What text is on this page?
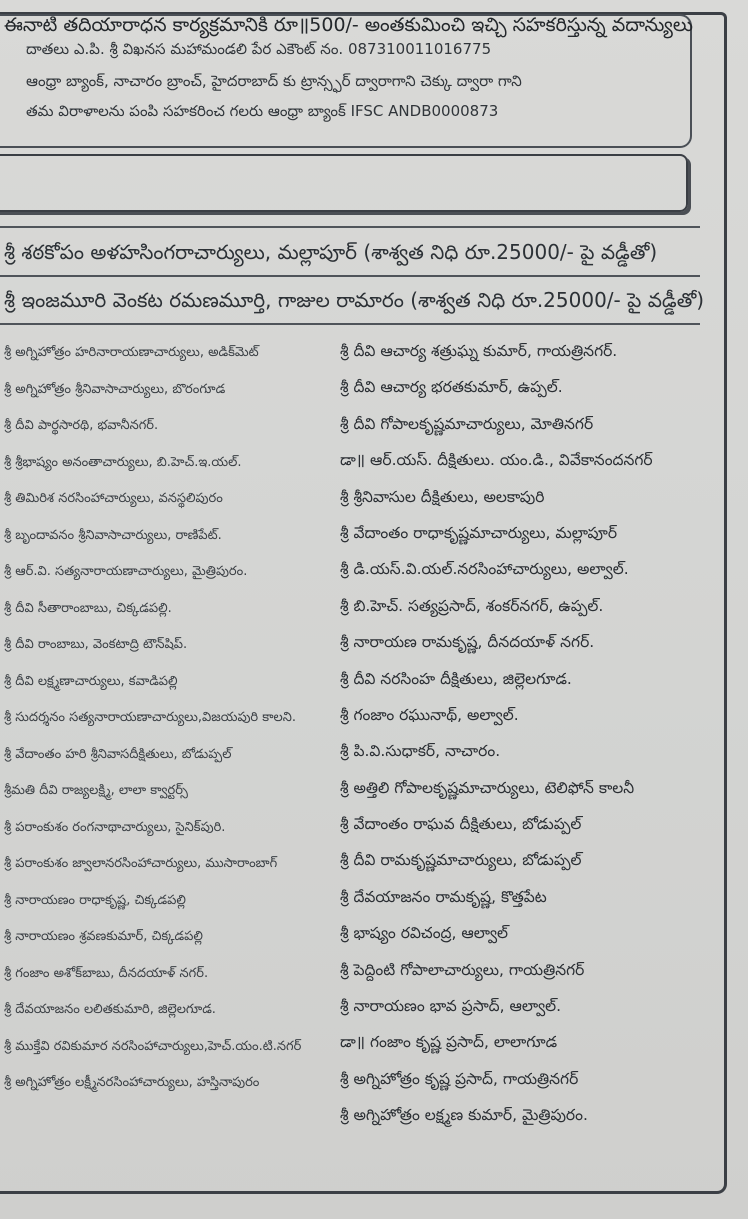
దాతలు ఎ.పి. శ్రీ విఖనస మహామండలి పేర ఎకౌంట్ నం. 08731001101677​5
ఆంధ్రా బ్యాంక్, నాచారం బ్రాంచ్, హైదరాబాద్ కు ట్రాన్స్ఫర్ ద్వారాగాని చెక్కు ద్వారా గాని
తమ విరాళాలను పంపి సహకరించ గలరు ఆంధ్రా బ్యాంక్ IFSC ANDB0000873
ఈనాటి తదియారాధన కార్యక్రమానికి రూ॥500/- అంతకుమించి ఇచ్చి సహకరిస్తున్న వదాన్యులు
శ్రీ శఠకోపం అళహసింగరాచార్యులు, మల్లాపూర్ (శాశ్వత నిధి రూ.25000/- పై వడ్డీతో)
శ్రీ ఇంజమూరి వెంకట రమణమూర్తి, గాజుల రామారం (శాశ్వత నిధి రూ.25000/- పై వడ్డీతో)
శ్రీ అగ్నిహోత్రం హరినారాయణాచార్యులు, అడిక్‌మెట్
శ్రీ అగ్నిహోత్రం శ్రీనివాసాచార్యులు, బొరంగూడ
శ్రీ దీవి పార్థసారథి, భవానీనగర్.
శ్రీ శ్రీభాష్యం అనంతాచార్యులు, బి.హెచ్.ఇ.యల్.
శ్రీ తిమిరిశ నరసింహాచార్యులు, వనస్థలిపురం
శ్రీ బృందావనం శ్రీనివాసాచార్యులు, రాణిపేట్.
శ్రీ ఆర్.వి. సత్యనారాయణాచార్యులు, మైత్రిపురం.
శ్రీ దీవి సీతారాంబాబు, చిక్కడపల్లి.
శ్రీ దీవి రాంబాబు, వెంకటాద్రి టౌన్‌షిప్.
శ్రీ దీవి లక్ష్మణాచార్యులు, కవాడిపల్లి
శ్రీ సుదర్శనం సత్యనారాయణాచార్యులు,విజయపురి కాలని.
శ్రీ వేదాంతం హరి శ్రీనివాసదీక్షితులు, బోడుప్పల్
శ్రీమతి దీవి రాజ్యలక్ష్మి, లాలా క్వార్టర్స్
శ్రీ పరాంకుశం రంగనాథాచార్యులు, సైనిక్‌పురి.
శ్రీ పరాంకుశం జ్వాలానరసింహాచార్యులు, ముసారాంబాగ్
శ్రీ నారాయణం రాధాకృష్ణ, చిక్కడపల్లి
శ్రీ నారాయణం శ్రవణకుమార్, చిక్కడపల్లి
శ్రీ గంజాం అశోక్‌బాబు, దీనదయాళ్ నగర్.
శ్రీ దేవయాజనం లలితకుమారి, జిల్లెలగూడ.
శ్రీ ముక్తేవి రవికుమార నరసింహాచార్యులు,హెచ్.యం.టి.నగర్
శ్రీ అగ్నిహోత్రం లక్ష్మీనరసింహాచార్యులు, హస్తినాపురం
శ్రీ దీవి ఆచార్య శత్రుఘ్న కుమార్, గాయత్రినగర్.
శ్రీ దీవి ఆచార్య భరతకుమార్, ఉప్పల్.
శ్రీ దీవి గోపాలకృష్ణమాచార్యులు, మోతినగర్
డా॥ ఆర్.యస్. దీక్షితులు. యం.డి., వివేకానందనగర్
శ్రీ శ్రీనివాసుల దీక్షితులు, అలకాపురి
శ్రీ వేదాంతం రాధాకృష్ణమాచార్యులు, మల్లాపూర్
శ్రీ డి.యస్.వి.యల్.నరసింహాచార్యులు, అల్వాల్.
శ్రీ బి.హెచ్. సత్యప్రసాద్, శంకర్‌నగర్, ఉప్పల్.
శ్రీ నారాయణ రామకృష్ణ, దీనదయాళ్ నగర్.
శ్రీ దీవి నరసింహ దీక్షితులు, జిల్లెలగూడ.
శ్రీ గంజాం రఘునాథ్, అల్వాల్.
శ్రీ పి.వి.సుధాకర్, నాచారం.
శ్రీ అత్తిలి గోపాలకృష్ణమాచార్యులు, టెలిఫోన్ కాలనీ
శ్రీ వేదాంతం రాఘవ దీక్షితులు, బోడుప్పల్
శ్రీ దీవి రామకృష్ణమాచార్యులు, బోడుప్పల్
శ్రీ దేవయాజనం రామకృష్ణ, కొత్తపేట
శ్రీ భాష్యం రవిచంద్ర, ఆల్వాల్
శ్రీ పెద్దింటి గోపాలాచార్యులు, గాయత్రినగర్
శ్రీ నారాయణం భావ ప్రసాద్, ఆల్వాల్.
డా॥ గంజాం కృష్ణ ప్రసాద్, లాలాగూడ
శ్రీ అగ్నిహోత్రం కృష్ణ ప్రసాద్, గాయత్రినగర్
శ్రీ అగ్నిహోత్రం లక్ష్మణ కుమార్, మైత్రిపురం.
